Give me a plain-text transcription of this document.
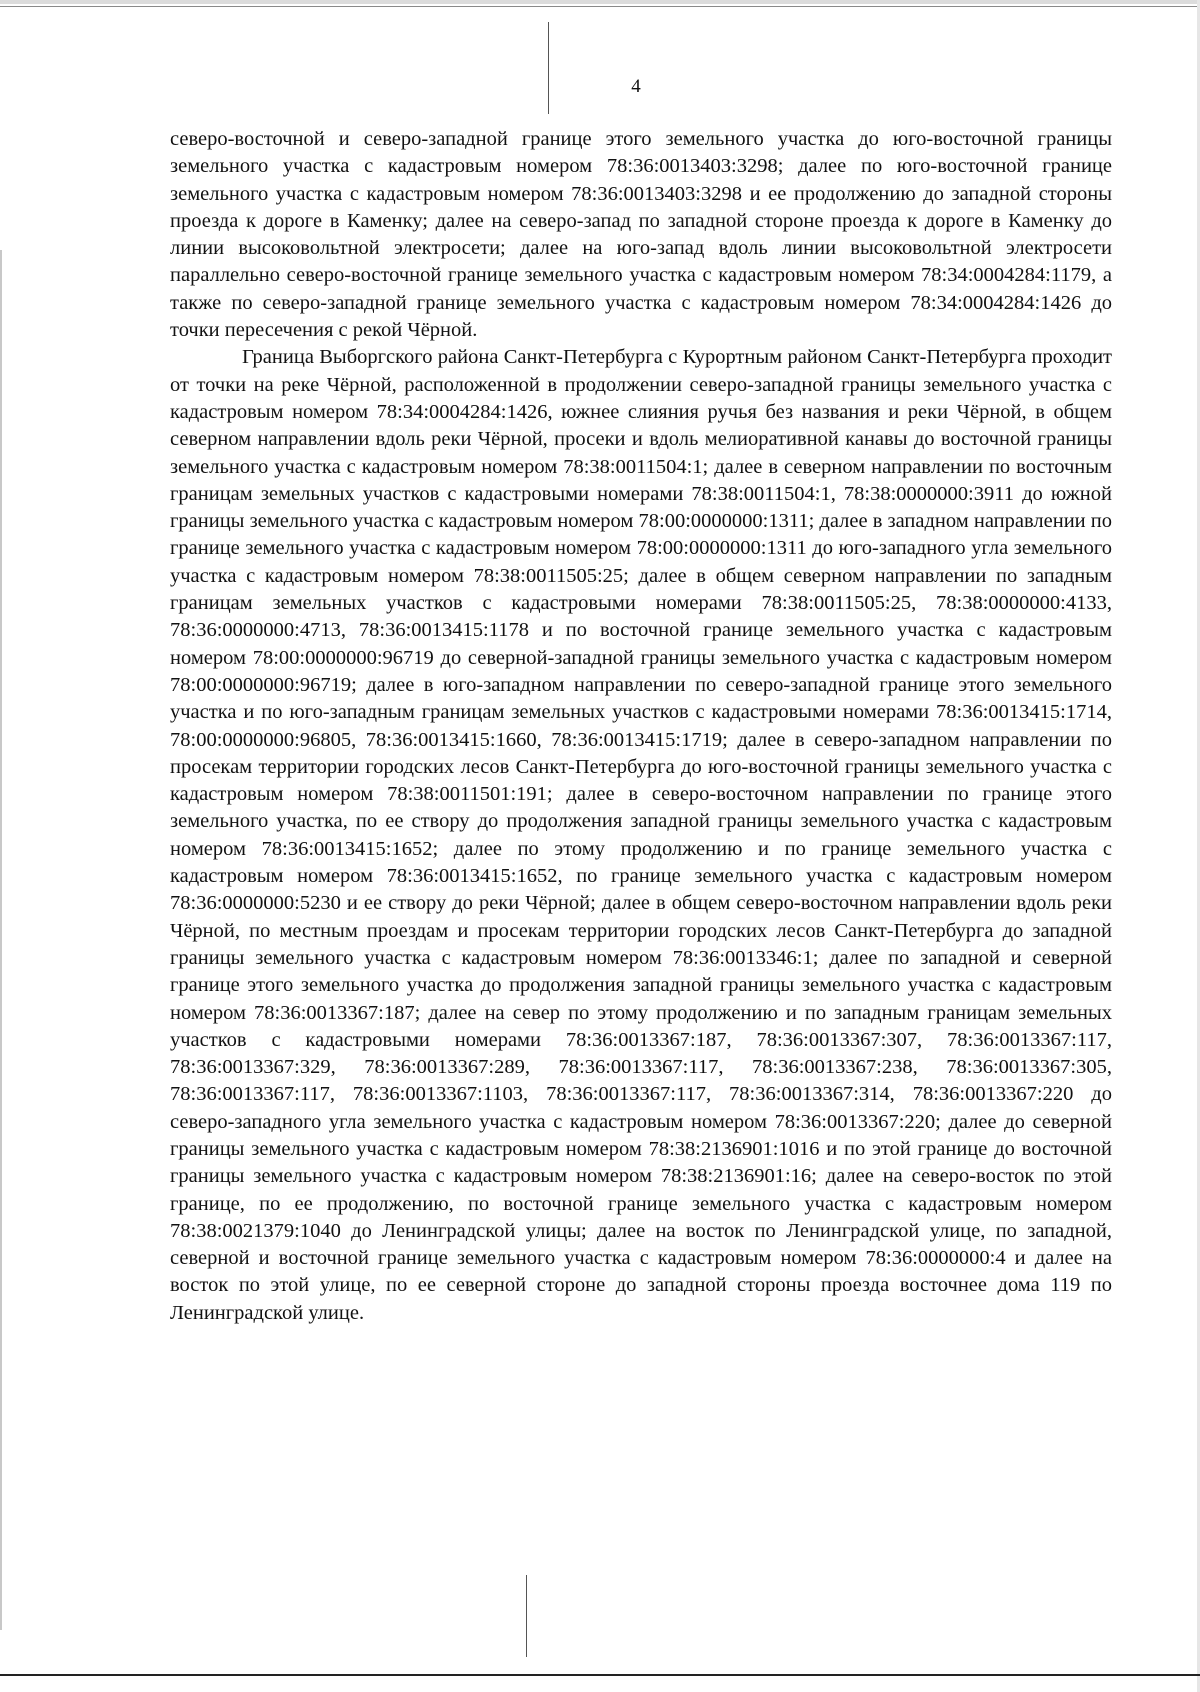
4

северо-восточной и северо-западной границе этого земельного участка до юго-восточной границы земельного участка с кадастровым номером 78:36:0013403:3298; далее по юго-восточной границе земельного участка с кадастровым номером 78:36:0013403:3298 и ее продолжению до западной стороны проезда к дороге в Каменку; далее на северо-запад по западной стороне проезда к дороге в Каменку до линии высоковольтной электросети; далее на юго-запад вдоль линии высоковольтной электросети параллельно северо-восточной границе земельного участка с кадастровым номером 78:34:0004284:1179, а также по северо-западной границе земельного участка с кадастровым номером 78:34:0004284:1426 до точки пересечения с рекой Чёрной.

Граница Выборгского района Санкт-Петербурга с Курортным районом Санкт-Петербурга проходит от точки на реке Чёрной, расположенной в продолжении северо-западной границы земельного участка с кадастровым номером 78:34:0004284:1426, южнее слияния ручья без названия и реки Чёрной, в общем северном направлении вдоль реки Чёрной, просеки и вдоль мелиоративной канавы до восточной границы земельного участка с кадастровым номером 78:38:0011504:1; далее в северном направлении по восточным границам земельных участков с кадастровыми номерами 78:38:0011504:1, 78:38:0000000:3911 до южной границы земельного участка с кадастровым номером 78:00:0000000:1311; далее в западном направлении по границе земельного участка с кадастровым номером 78:00:0000000:1311 до юго-западного угла земельного участка с кадастровым номером 78:38:0011505:25; далее в общем северном направлении по западным границам земельных участков с кадастровыми номерами 78:38:0011505:25, 78:38:0000000:4133, 78:36:0000000:4713, 78:36:0013415:1178 и по восточной границе земельного участка с кадастровым номером 78:00:0000000:96719 до северной-западной границы земельного участка с кадастровым номером 78:00:0000000:96719; далее в юго-западном направлении по северо-западной границе этого земельного участка и по юго-западным границам земельных участков с кадастровыми номерами 78:36:0013415:1714, 78:00:0000000:96805, 78:36:0013415:1660, 78:36:0013415:1719; далее в северо-западном направлении по просекам территории городских лесов Санкт-Петербурга до юго-восточной границы земельного участка с кадастровым номером 78:38:0011501:191; далее в северо-восточном направлении по границе этого земельного участка, по ее створу до продолжения западной границы земельного участка с кадастровым номером 78:36:0013415:1652; далее по этому продолжению и по границе земельного участка с кадастровым номером 78:36:0013415:1652, по границе земельного участка с кадастровым номером 78:36:0000000:5230 и ее створу до реки Чёрной; далее в общем северо-восточном направлении вдоль реки Чёрной, по местным проездам и просекам территории городских лесов Санкт-Петербурга до западной границы земельного участка с кадастровым номером 78:36:0013346:1; далее по западной и северной границе этого земельного участка до продолжения западной границы земельного участка с кадастровым номером 78:36:0013367:187; далее на север по этому продолжению и по западным границам земельных участков с кадастровыми номерами 78:36:0013367:187, 78:36:0013367:307, 78:36:0013367:117, 78:36:0013367:329, 78:36:0013367:289, 78:36:0013367:117, 78:36:0013367:238, 78:36:0013367:305, 78:36:0013367:117, 78:36:0013367:1103, 78:36:0013367:117, 78:36:0013367:314, 78:36:0013367:220 до северо-западного угла земельного участка с кадастровым номером 78:36:0013367:220; далее до северной границы земельного участка с кадастровым номером 78:38:2136901:1016 и по этой границе до восточной границы земельного участка с кадастровым номером 78:38:2136901:16; далее на северо-восток по этой границе, по ее продолжению, по восточной границе земельного участка с кадастровым номером 78:38:0021379:1040 до Ленинградской улицы; далее на восток по Ленинградской улице, по западной, северной и восточной границе земельного участка с кадастровым номером 78:36:0000000:4 и далее на восток по этой улице, по ее северной стороне до западной стороны проезда восточнее дома 119 по Ленинградской улице.
